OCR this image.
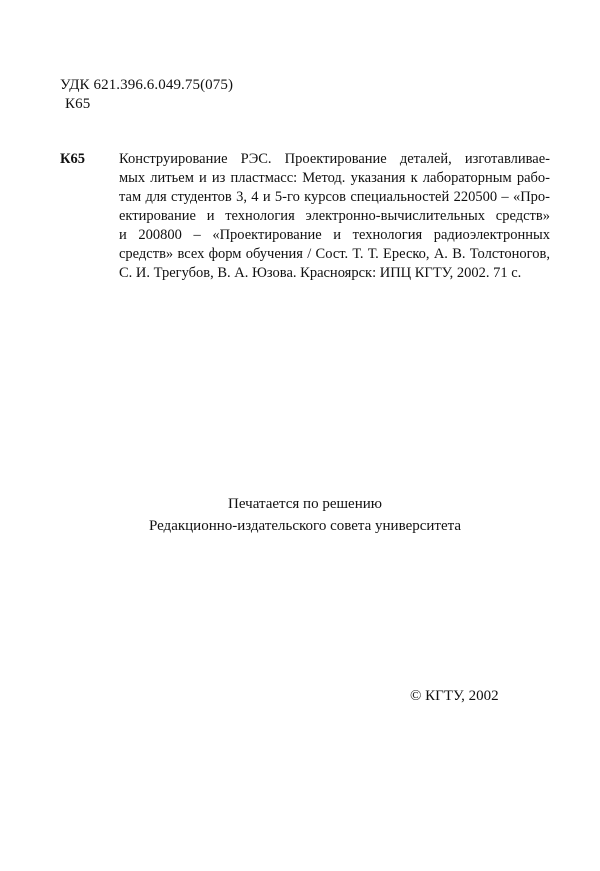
УДК 621.396.6.049.75(075)
К65
К65 Конструирование РЭС. Проектирование деталей, изготавливае-
мых литьем и из пластмасс: Метод. указания к лабораторным рабо-
там для студентов 3, 4 и 5-го курсов специальностей 220500 – «Про-
ектирование и технология электронно-вычислительных средств»
и 200800 – «Проектирование и технология радиоэлектронных
средств» всех форм обучения / Сост. Т. Т. Ереско, А. В. Толстоногов,
С. И. Трегубов, В. А. Юзова. Красноярск: ИПЦ КГТУ, 2002. 71 с.
Печатается по решению
Редакционно-издательского совета университета
© КГТУ, 2002
